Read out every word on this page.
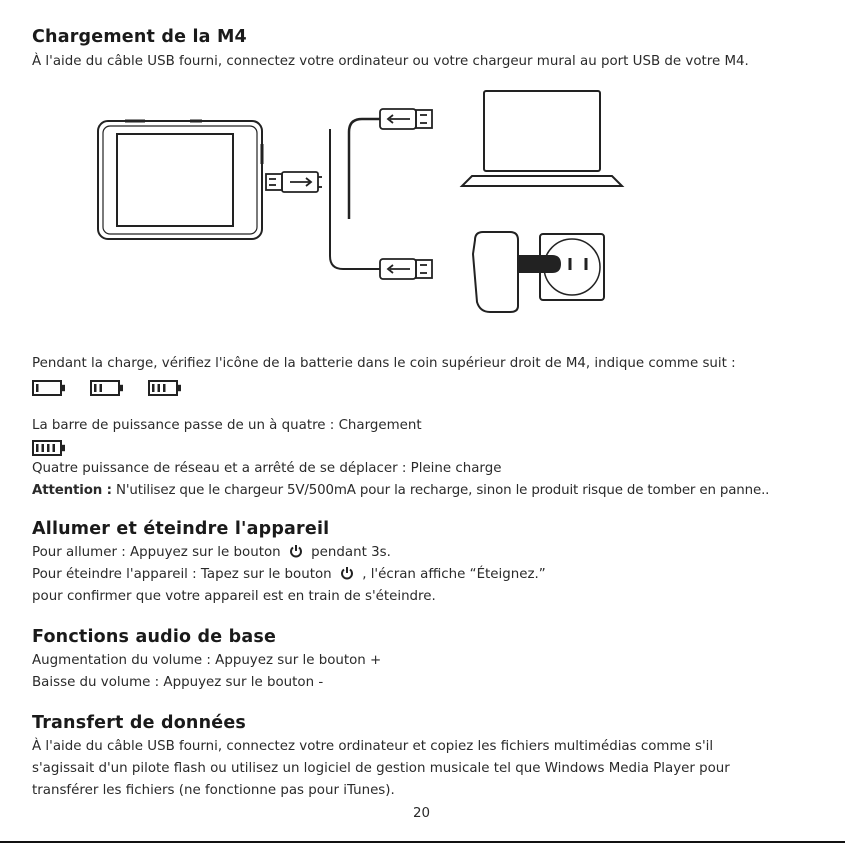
Chargement de la M4
À l'aide du câble USB fourni, connectez votre ordinateur ou votre chargeur mural au port USB de votre M4.
Pendant la charge, vérifiez l'icône de la batterie dans le coin supérieur droit de M4, indique comme suit :
La barre de puissance passe de un à quatre : Chargement
Quatre puissance de réseau et a arrêté de se déplacer : Pleine charge
Attention : N'utilisez que le chargeur 5V/500mA pour la recharge, sinon le produit risque de tomber en panne..
Allumer et éteindre l'appareil
Pour allumer : Appuyez sur le bouton pendant 3s.
Pour éteindre l'appareil : Tapez sur le bouton , l'écran affiche “Éteignez.”
pour confirmer que votre appareil est en train de s'éteindre.
Fonctions audio de base
Augmentation du volume : Appuyez sur le bouton +
Baisse du volume : Appuyez sur le bouton -
Transfert de données
À l'aide du câble USB fourni, connectez votre ordinateur et copiez les fichiers multimédias comme s'il
s'agissait d'un pilote flash ou utilisez un logiciel de gestion musicale tel que Windows Media Player pour
transférer les fichiers (ne fonctionne pas pour iTunes).
20
